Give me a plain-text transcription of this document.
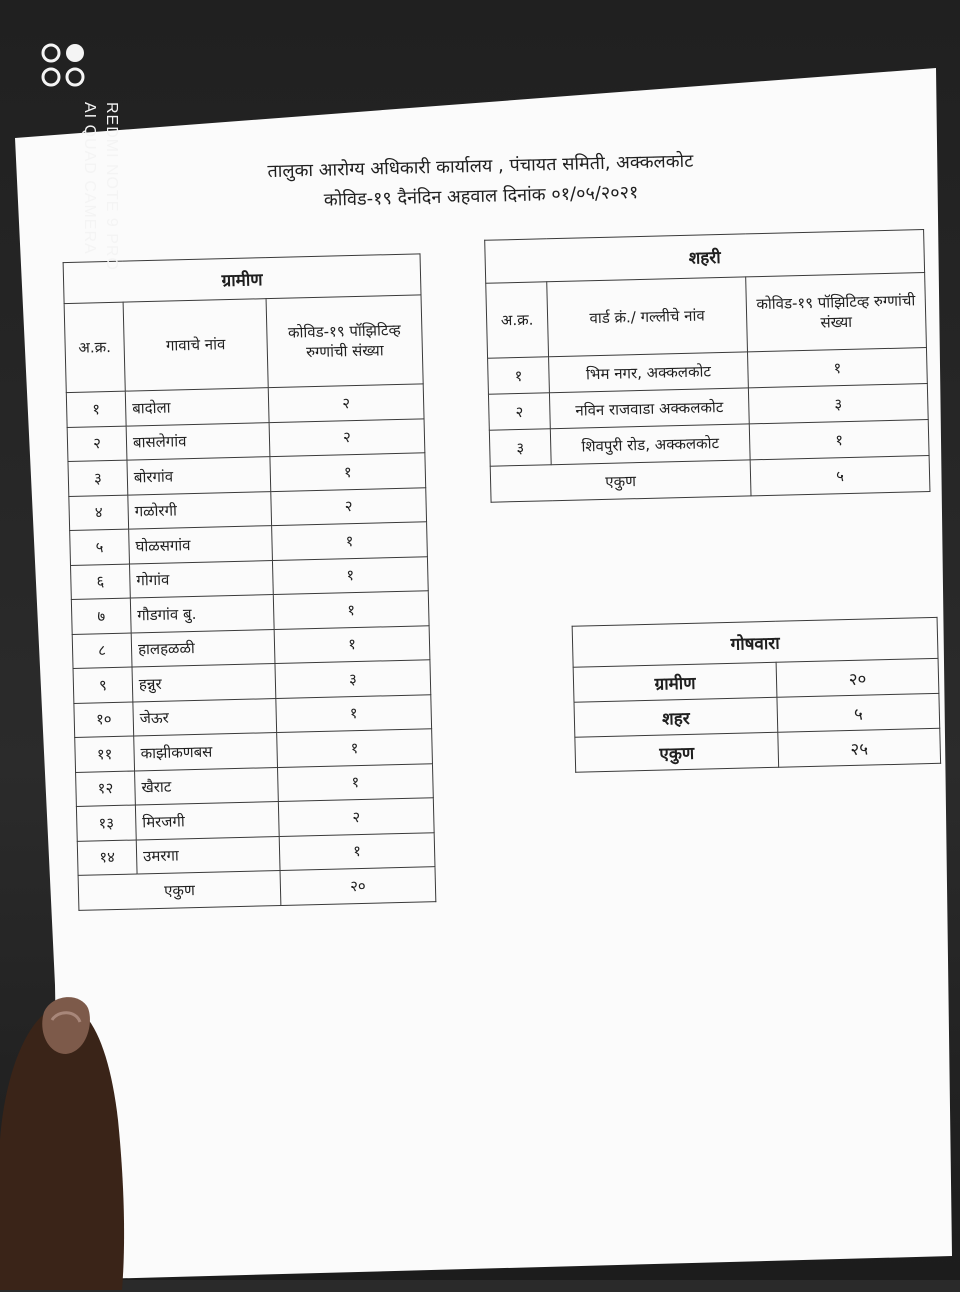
तालुका आरोग्य अधिकारी कार्यालय , पंचायत समिती, अक्कलकोट
कोविड-१९ दैनंदिन अहवाल दिनांक ०१/०५/२०२१
ग्रामीण		
अ.क्र.	गावाचे नांव	कोविड-१९ पॉझिटिव्ह रुग्णांची संख्या
१	बादोला	२
२	बासलेगांव	२
३	बोरगांव	१
४	गळोरगी	२
५	घोळसगांव	१
६	गोगांव	१
७	गौडगांव बु.	१
८	हालहळळी	१
९	हन्नुर	३
१०	जेऊर	१
११	काझीकणबस	१
१२	खैराट	१
१३	मिरजगी	२
१४	उमरगा	१
एकुण		२०
शहरी		
अ.क्र.	वार्ड क्रं./ गल्लीचे नांव	कोविड-१९ पॉझिटिव्ह रुग्णांची संख्या
१	भिम नगर, अक्कलकोट	१
२	नविन राजवाडा अक्कलकोट	३
३	शिवपुरी रोड, अक्कलकोट	१
एकुण		५
गोषवारा	
ग्रामीण	२०
शहर	५
एकुण	२५
REDMI NOTE 9 PRO
AI QUAD CAMERA
